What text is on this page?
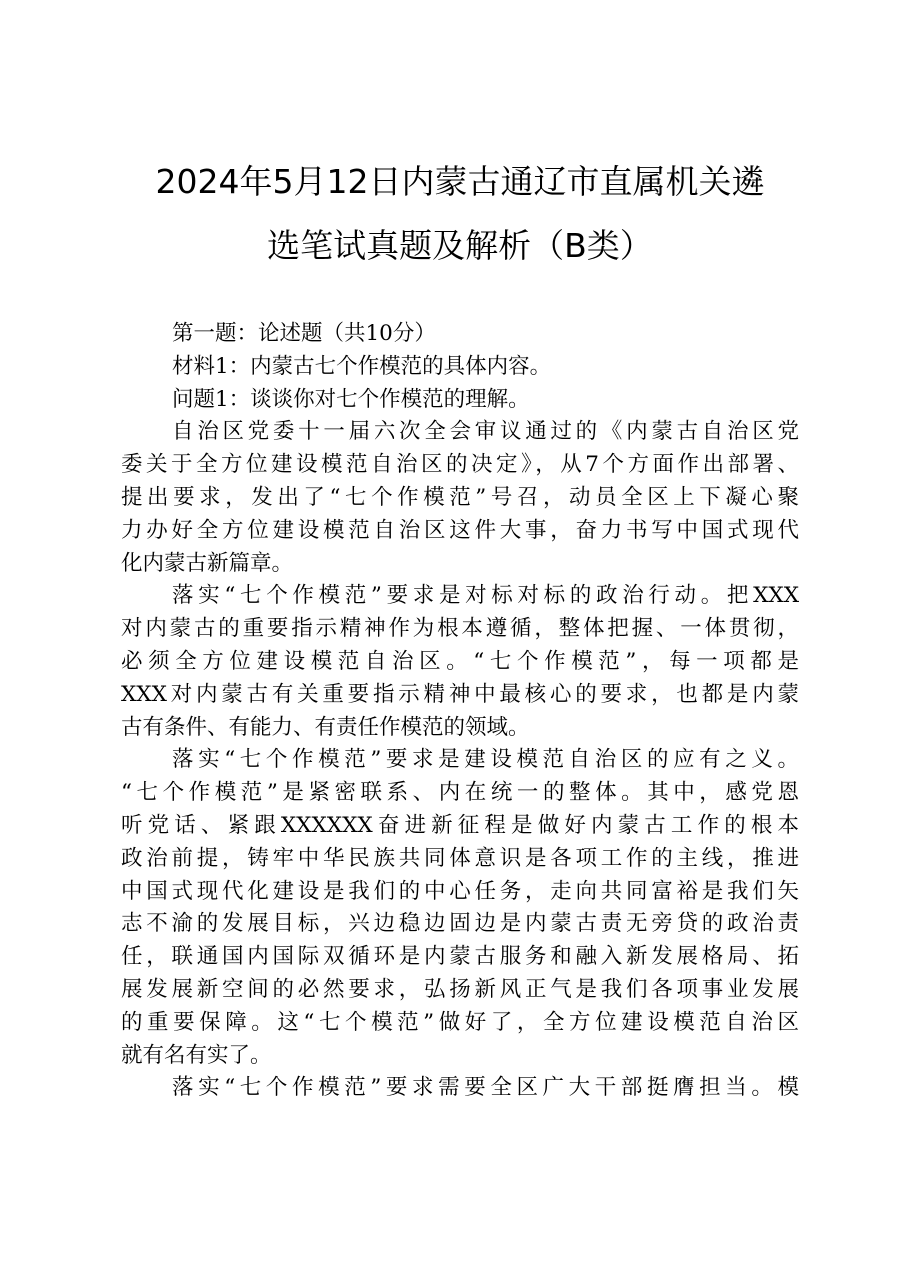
2024年5月12日内蒙古通辽市直属机关遴
选笔试真题及解析（B类）
第一题：论述题（共10分）
材料1：内蒙古七个作模范的具体内容。
问题1：谈谈你对七个作模范的理解。
自治区党委十一届六次全会审议通过的《内蒙古自治区党
委关于全方位建设模范自治区的决定》，从7个方面作出部署、
提出要求，发出了“七个作模范”号召，动员全区上下凝心聚
力办好全方位建设模范自治区这件大事，奋力书写中国式现代
化内蒙古新篇章。
落实“七个作模范”要求是对标对标的政治行动。把XXX
对内蒙古的重要指示精神作为根本遵循，整体把握、一体贯彻，
必须全方位建设模范自治区。“七个作模范”，每一项都是
XXX对内蒙古有关重要指示精神中最核心的要求，也都是内蒙
古有条件、有能力、有责任作模范的领域。
落实“七个作模范”要求是建设模范自治区的应有之义。
“七个作模范”是紧密联系、内在统一的整体。其中，感党恩
听党话、紧跟XXXXXX奋进新征程是做好内蒙古工作的根本
政治前提，铸牢中华民族共同体意识是各项工作的主线，推进
中国式现代化建设是我们的中心任务，走向共同富裕是我们矢
志不渝的发展目标，兴边稳边固边是内蒙古责无旁贷的政治责
任，联通国内国际双循环是内蒙古服务和融入新发展格局、拓
展发展新空间的必然要求，弘扬新风正气是我们各项事业发展
的重要保障。这“七个模范”做好了，全方位建设模范自治区
就有名有实了。
落实“七个作模范”要求需要全区广大干部挺膺担当。模
